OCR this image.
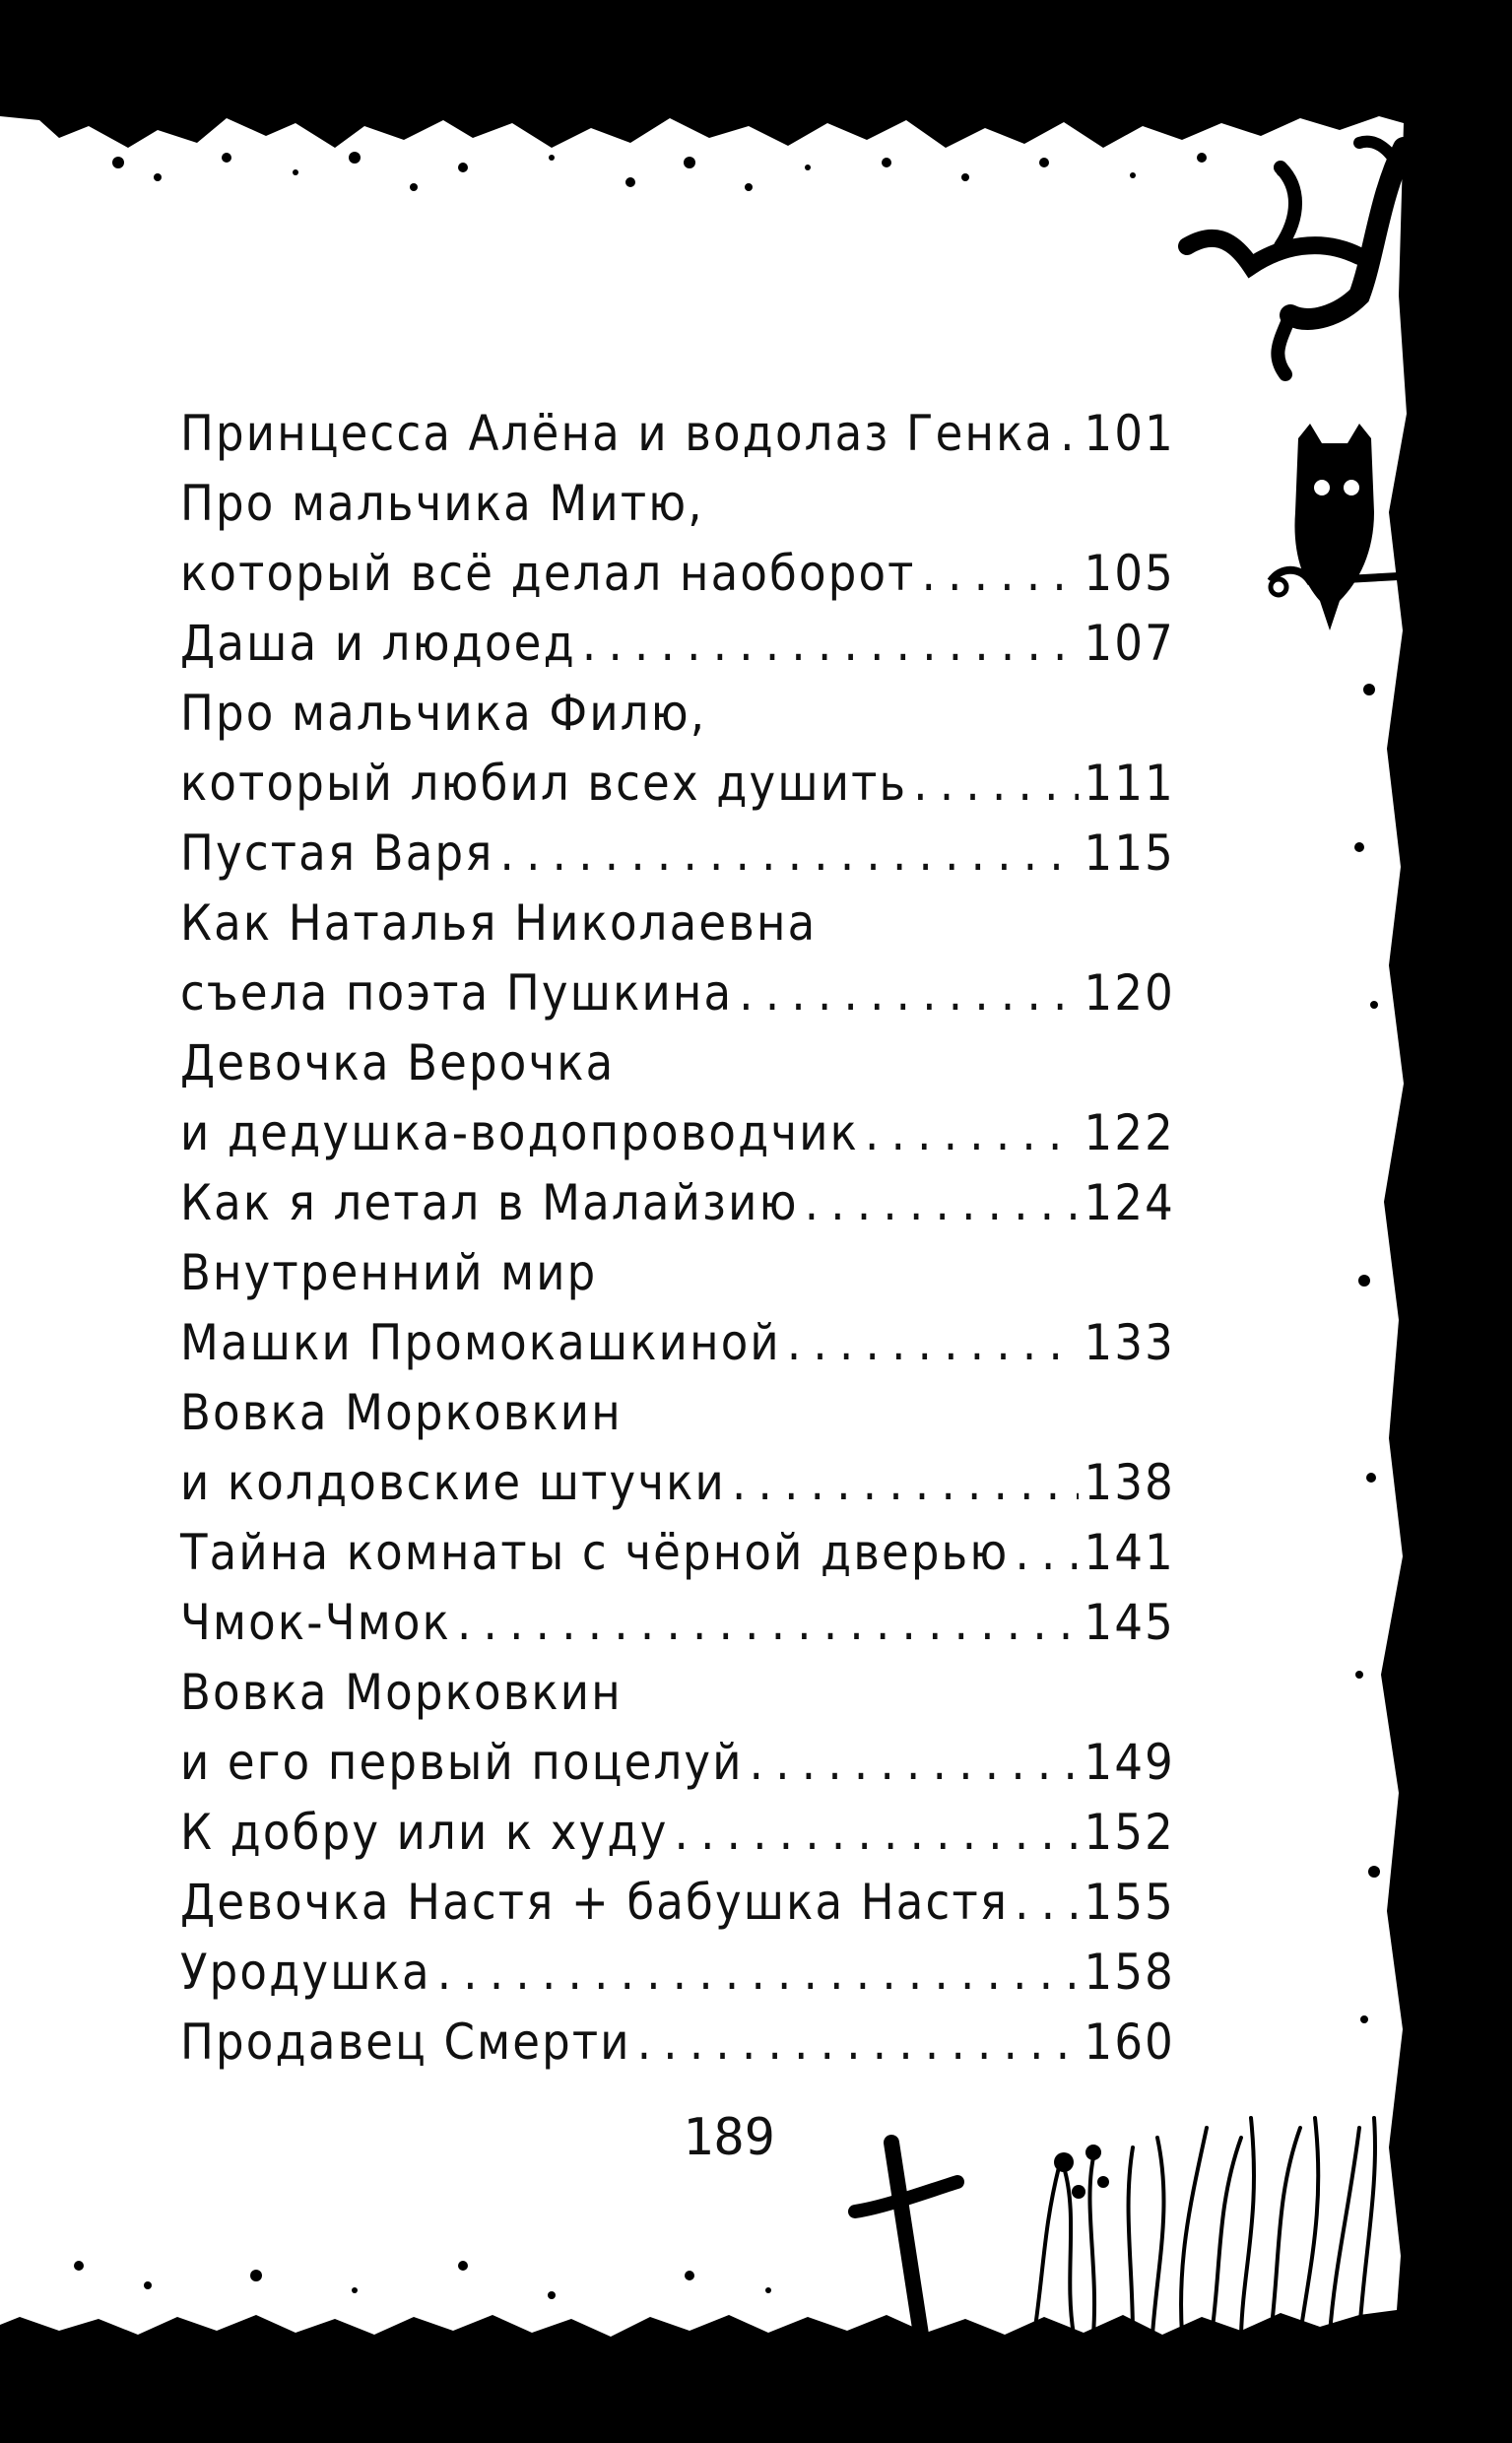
Принцесса Алёна и водолаз Генка . . . 101
Про мальчика Митю,
который всё делал наоборот . . .	105
Даша и людоед . . .	107
Про мальчика Филю,
который любил всех душить . . .	111
Пустая Варя . . .	115
Как Наталья Николаевна
съела поэта Пушкина . . .	120
Девочка Верочка
и дедушка-водопроводчик . . .	122
Как я летал в Малайзию . . .	124
Внутренний мир
Машки Промокашкиной . . .	133
Вовка Морковкин
и колдовские штучки . . .	138
Тайна комнаты с чёрной дверью . . . 141
Чмок-Чмок . . .	145
Вовка Морковкин
и его первый поцелуй . . .	149
К добру или к худу . . .	152
Девочка Настя + бабушка Настя . . . 155
Уродушка . . .	158
Продавец Смерти . . .	160
189
